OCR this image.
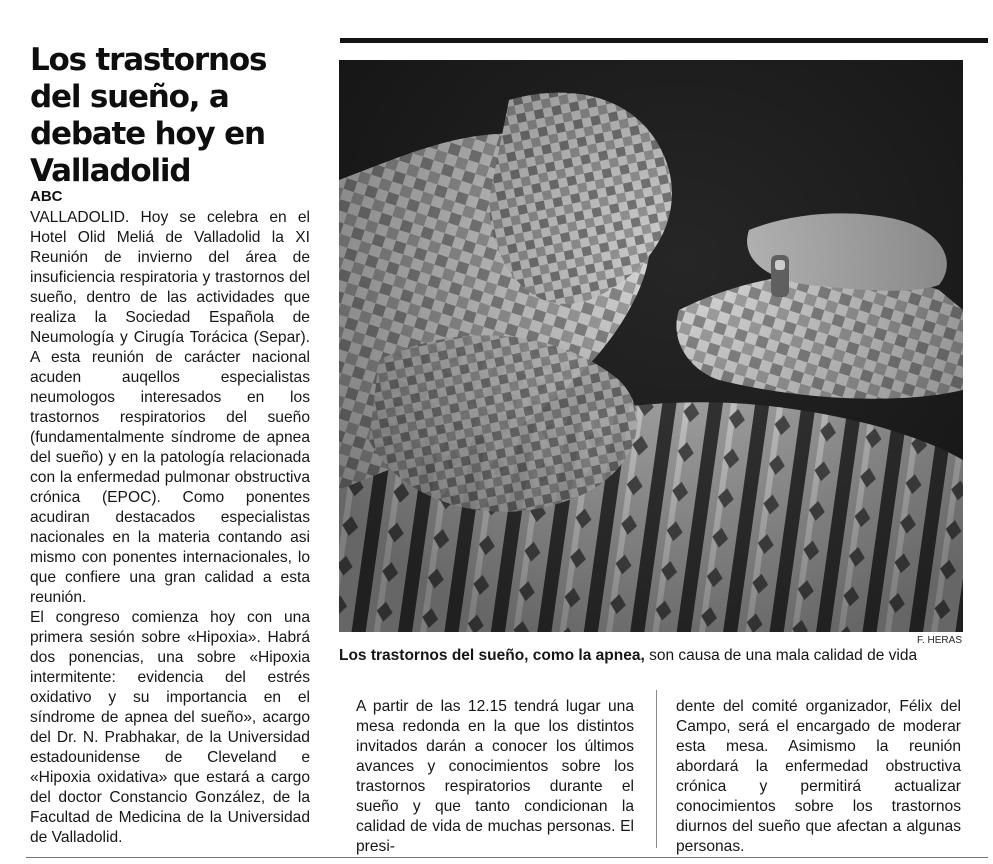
Los trastornos del sueño, a debate hoy en Valladolid

ABC

VALLADOLID. Hoy se celebra en el Hotel Olid Meliá de Valladolid la XI Reunión de invierno del área de insuficiencia respiratoria y trastornos del sueño, dentro de las actividades que realiza la Sociedad Española de Neumología y Cirugía Torácica (Separ). A esta reunión de carácter nacional acuden auqellos especialistas neumologos interesados en los trastornos respiratorios del sueño (fundamentalmente síndrome de apnea del sueño) y en la patología relacionada con la enfermedad pulmonar obstructiva crónica (EPOC). Como ponentes acudiran destacados especialistas nacionales en la materia contando asi mismo con ponentes internacionales, lo que confiere una gran calidad a esta reunión.

El congreso comienza hoy con una primera sesión sobre «Hipoxia». Habrá dos ponencias, una sobre «Hipoxia intermitente: evidencia del estrés oxidativo y su importancia en el síndrome de apnea del sueño», acargo del Dr. N. Prabhakar, de la Universidad estadounidense de Cleveland e «Hipoxia oxidativa» que estará a cargo del doctor Constancio González, de la Facultad de Medicina de la Universidad de Valladolid.

F. HERAS

Los trastornos del sueño, como la apnea, son causa de una mala calidad de vida

A partir de las 12.15 tendrá lugar una mesa redonda en la que los distintos invitados darán a conocer los últimos avances y conocimientos sobre los trastornos respiratorios durante el sueño y que tanto condicionan la calidad de vida de muchas personas. El presi-

dente del comité organizador, Félix del Campo, será el encargado de moderar esta mesa. Asimismo la reunión abordará la enfermedad obstructiva crónica y permitirá actualizar conocimientos sobre los trastornos diurnos del sueño que afectan a algunas personas.
